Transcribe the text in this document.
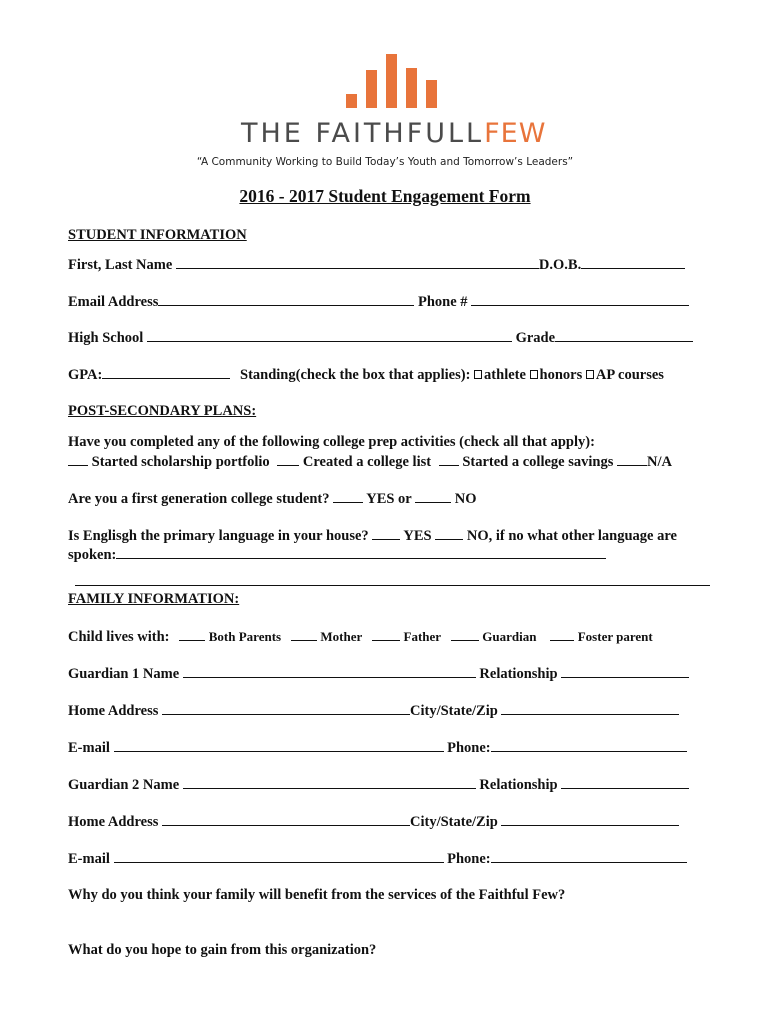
THE FAITHFULLFEW
“A Community Working to Build Today’s Youth and Tomorrow’s Leaders”
2016 - 2017 Student Engagement Form
STUDENT INFORMATION
First, Last Name	D.O.B.
Email Address	Phone #
High School	Grade
GPA:	Standing(check the box that applies): athlete honors AP courses
POST-SECONDARY PLANS:
Have you completed any of the following college prep activities (check all that apply):
Started scholarship portfolio Created a college list Started a college savings N/A
Are you a first generation college student?	YES or	NO
Is Englisgh the primary language in your house? YES NO, if no what other language are
spoken:
FAMILY INFORMATION:
Child lives with:	Both Parents	Mother	Father	Guardian	Foster parent
Guardian 1 Name	Relationship
Home Address	City/State/Zip
E-mail	Phone:
Guardian 2 Name	Relationship
Home Address	City/State/Zip
E-mail	Phone:
Why do you think your family will benefit from the services of the Faithful Few?
What do you hope to gain from this organization?
